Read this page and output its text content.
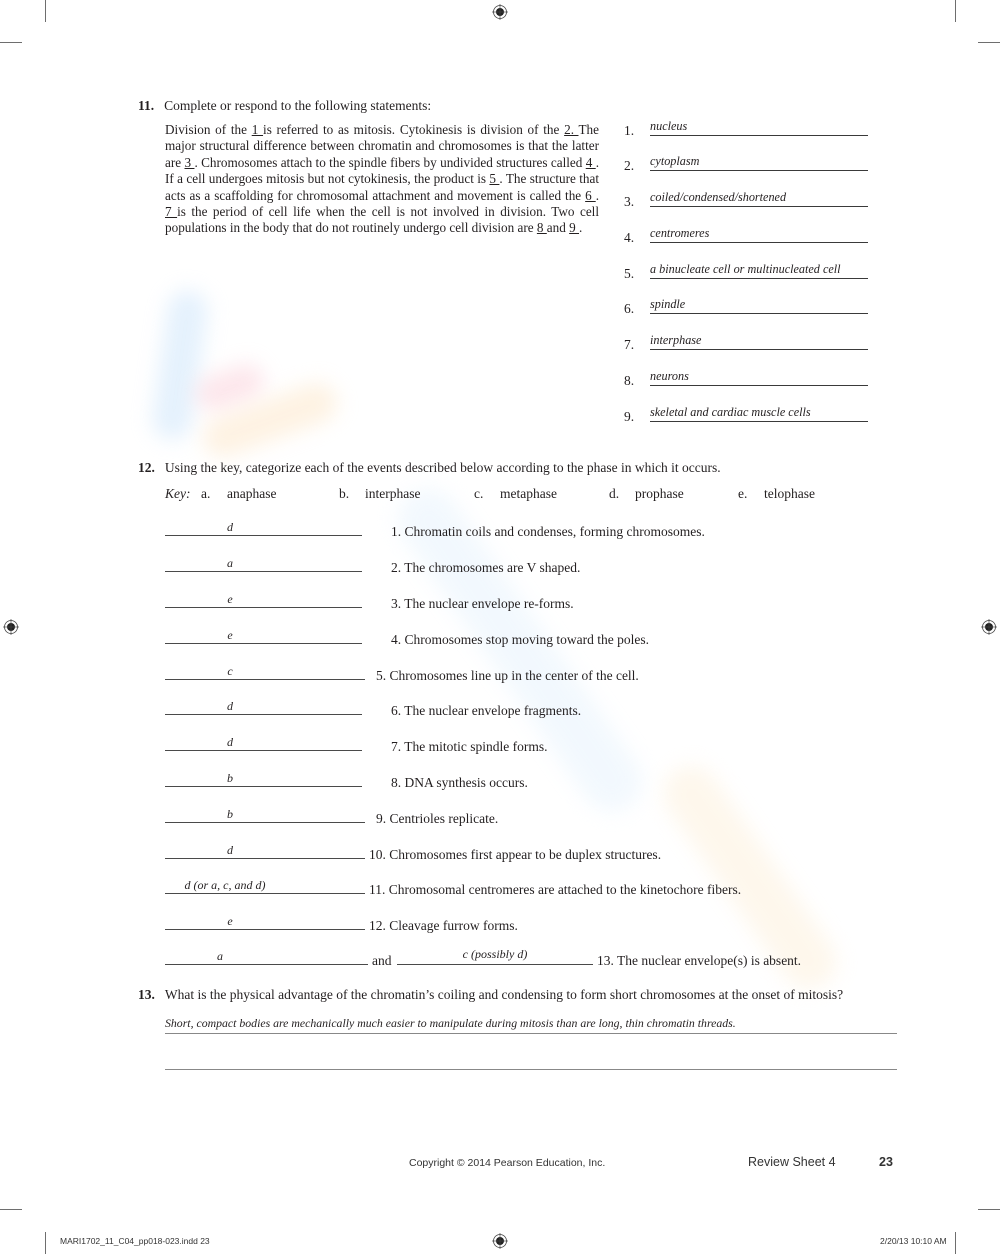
11. Complete or respond to the following statements:
Division of the 1 is referred to as mitosis. Cytokinesis is division of the 2. The major structural difference between chromatin and chromosomes is that the latter are 3 . Chromosomes attach to the spindle fibers by undivided structures called 4 . If a cell undergoes mitosis but not cytokinesis, the product is 5 . The structure that acts as a scaffolding for chromosomal attachment and movement is called the 6 . 7 is the period of cell life when the cell is not involved in division. Two cell populations in the body that do not routinely undergo cell division are 8 and 9 .
1. nucleus
2. cytoplasm
3. coiled/condensed/shortened
4. centromeres
5. a binucleate cell or multinucleated cell
6. spindle
7. interphase
8. neurons
9. skeletal and cardiac muscle cells
12. Using the key, categorize each of the events described below according to the phase in which it occurs.
Key: a. anaphase	b. interphase	c. metaphase	d. prophase	e. telophase
d	1. Chromatin coils and condenses, forming chromosomes.
a	2. The chromosomes are V shaped.
e	3. The nuclear envelope re-forms.
e	4. Chromosomes stop moving toward the poles.
c	5. Chromosomes line up in the center of the cell.
d	6. The nuclear envelope fragments.
d	7. The mitotic spindle forms.
b	8. DNA synthesis occurs.
b	9. Centrioles replicate.
d	10. Chromosomes first appear to be duplex structures.
d (or a, c, and d)	11. Chromosomal centromeres are attached to the kinetochore fibers.
e	12. Cleavage furrow forms.
a	and	c (possibly d)	13. The nuclear envelope(s) is absent.
13. What is the physical advantage of the chromatin’s coiling and condensing to form short chromosomes at the onset of mitosis?
Short, compact bodies are mechanically much easier to manipulate during mitosis than are long, thin chromatin threads.
Copyright © 2014 Pearson Education, Inc.	Review Sheet 4	23
MARI1702_11_C04_pp018-023.indd 23	2/20/13 10:10 AM
